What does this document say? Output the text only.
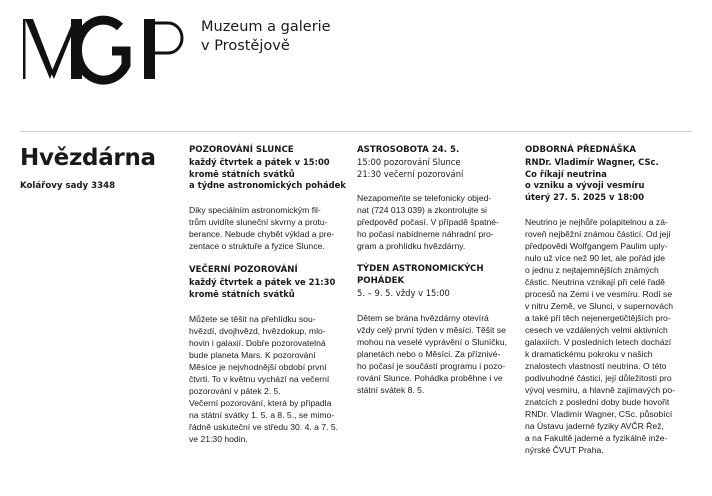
Muzeum a galerie
v Prostějově
Hvězdárna
Kolářovy sady 3348
POZOROVÁNÍ SLUNCE
každý čtvrtek a pátek v 15:00
kromě státních svátků
a týdne astronomických pohádek
Diky speciálním astronomickým fil-
trům uvidíte sluneční skvrny a protu-
berance. Nebude chybět výklad a pre-
zentace o struktuře a fyzice Slunce.
VEČERNÍ POZOROVÁNÍ
každý čtvrtek a pátek ve 21:30
kromě státních svátků
Můžete se těšit na přehlídku sou-
hvězdí, dvojhvězd, hvězdokup, mlo-
hovin i galaxií. Dobře pozorovatelná
bude planeta Mars. K pozorování
Měsíce je nejvhodnější období první
čtvrti. To v květnu vychází na večerní
pozorování v pátek 2. 5.
Večerní pozorování, která by připadla
na státní svátky 1. 5. a 8. 5., se mimo-
řádně uskuteční ve středu 30. 4. a 7. 5.
ve 21:30 hodin.
ASTROSOBOTA 24. 5.
15:00 pozorování Slunce
21:30 večerní pozorování
Nezapomeňte se telefonicky objed-
nat (724 013 039) a zkontrolujte si
předpověď počasí. V případě špatné-
ho počasí nabídneme náhradní pro-
gram a prohlídku hvězdárny.
TÝDEN ASTRONOMICKÝCH
POHÁDEK
5. – 9. 5. vždy v 15:00
Dětem se brána hvězdárny otevírá
vždy celý první týden v měsíci. Těšit se
mohou na veselé vyprávění o Sluníčku,
planetách nebo o Měsíci. Za příznivé-
ho počasí je součástí programu i pozo-
rování Slunce. Pohádka proběhne i ve
státní svátek 8. 5.
ODBORNÁ PŘEDNÁŠKA
RNDr. Vladimír Wagner, CSc.
Co říkají neutrina
o vzniku a vývoji vesmíru
úterý 27. 5. 2025 v 18:00
Neutrino je nejhůře polapitelnou a zá-
roveň nejběžní známou částicí. Od její
předpovědi Wolfgangem Paulim uply-
nulo už více než 90 let, ale pořád jde
o jednu z nejtajemnějších známých
částic. Neutrina vznikají při celé řadě
procesů na Zemi i ve vesmíru. Rodí se
v nitru Země, ve Slunci, v supernovách
a také při těch nejenergetičtějších pro-
cesech ve vzdálených velmi aktivních
galaxiích. V posledních letech dochází
k dramatickému pokroku v našich
znalostech vlastností neutrina. O této
podivuhodné částici, její důležitosti pro
vývoj vesmíru, a hlavně zajímavých po-
znatcích z poslední doby bude hovořit
RNDr. Vladimír Wagner, CSc. působící
na Ústavu jaderné fyziky AVČR Řež,
a na Fakultě jaderné a fyzikálně inže-
nýrské ČVUT Praha.
